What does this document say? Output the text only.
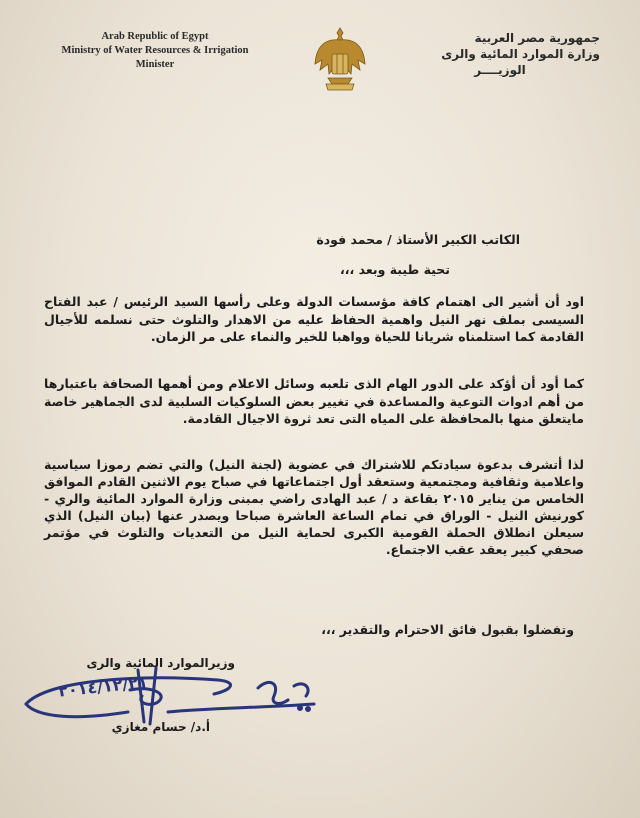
Arab Republic of Egypt
Ministry of Water Resources & Irrigation
Minister
جمهورية مصر العربية
وزارة الموارد المائية والرى
الوزيــــر
الكاتب الكبير الأستاذ / محمد فودة
تحية طيبة وبعد ،،،
اود أن أشير الى اهتمام كافة مؤسسات الدولة وعلى رأسها السيد الرئيس / عبد الفتاح السيسى بملف نهر النيل واهمية الحفاظ عليه من الاهدار والتلوث حتى نسلمه للأجيال القادمة كما استلمناه شريانا للحياة وواهبا للخير والنماء على مر الزمان.
كما أود أن أؤكد على الدور الهام الذى تلعبه وسائل الاعلام ومن أهمها الصحافة باعتبارها من أهم ادوات التوعية والمساعدة في تغيير بعض السلوكيات السلبية لدى الجماهير خاصة مايتعلق منها بالمحافظة على المياه التى تعد ثروة الاجيال القادمة.
لذا أتشرف بدعوة سيادتكم للاشتراك في عضوية (لجنة النيل) والتي تضم رموزا سياسية واعلامية وثقافية ومجتمعية وستعقد أول اجتماعاتها في صباح يوم الاثنين القادم الموافق الخامس من يناير ٢٠١٥ بقاعة د / عبد الهادى راضي بمبنى وزارة الموارد المائية والري - كورنيش النيل - الوراق في تمام الساعة العاشرة صباحا ويصدر عنها (بيان النيل) الذي سيعلن انطلاق الحملة القومية الكبرى لحماية النيل من التعديات والتلوث في مؤتمر صحفي كبير يعقد عقب الاجتماع.
وتفضلوا بقبول فائق الاحترام والتقدير ،،،
وزيرالموارد المائية والرى
٢٠١٤/١٢/٢١
أ.د/ حسام مغازي
